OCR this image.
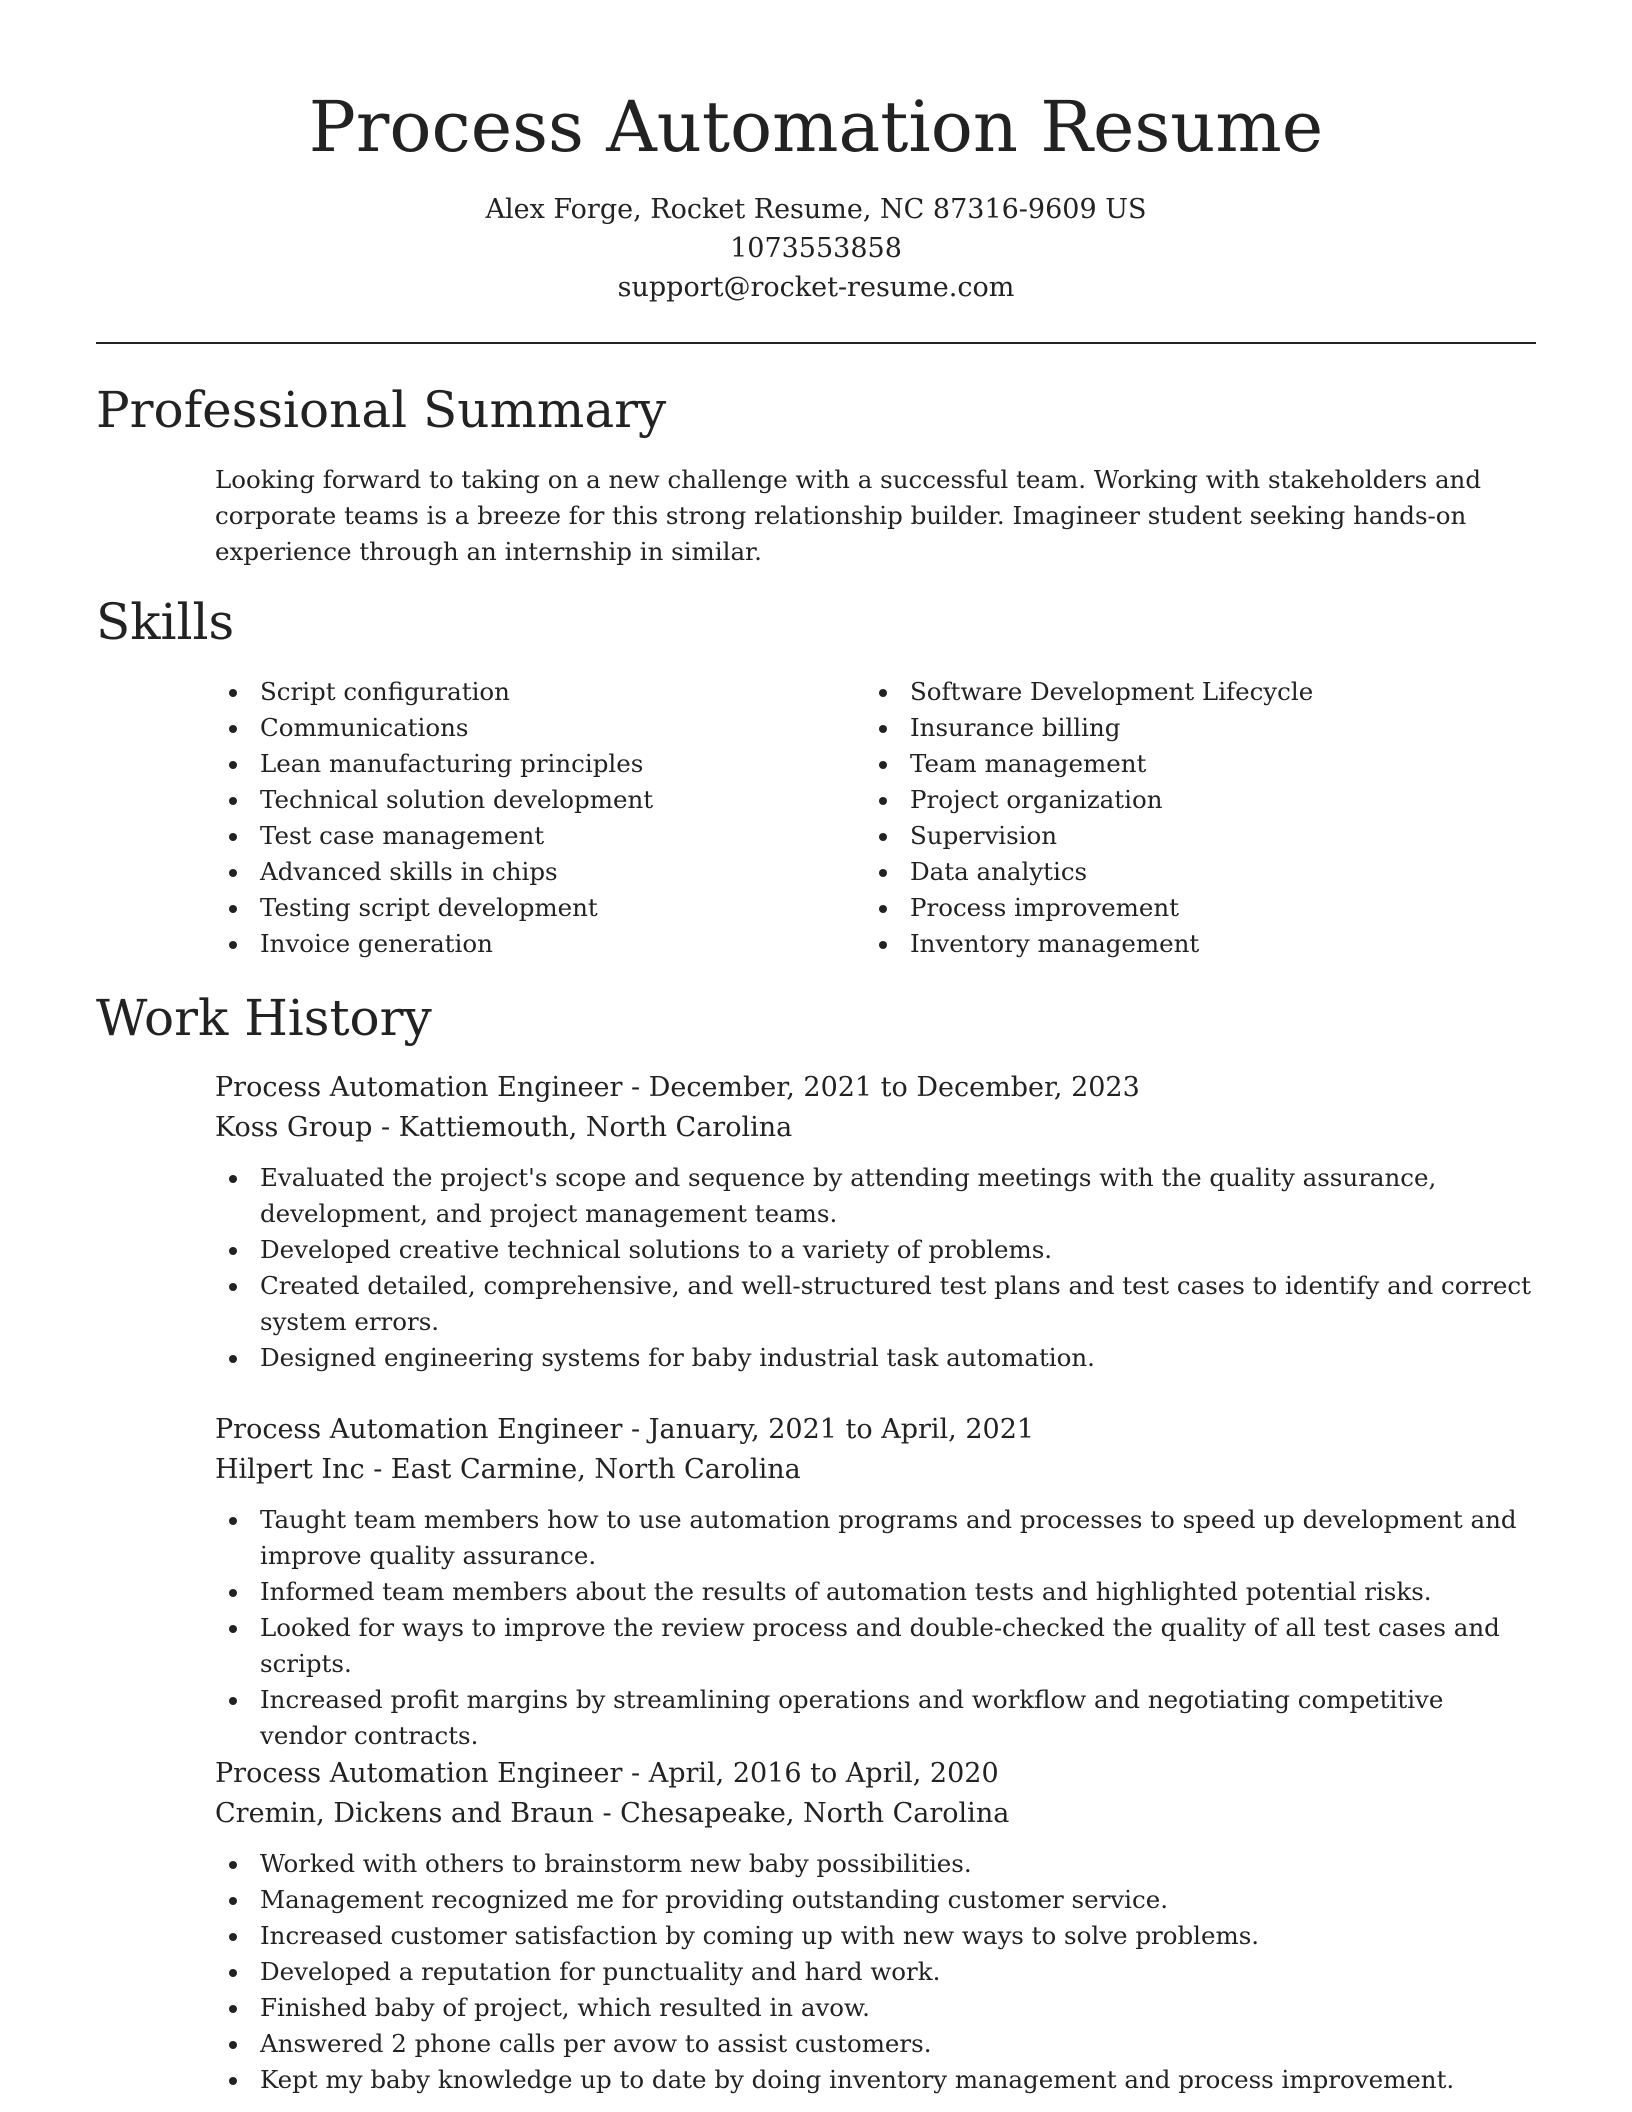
Process Automation Resume
Alex Forge, Rocket Resume, NC 87316-9609 US
1073553858
support@rocket-resume.com
Professional Summary

Looking forward to taking on a new challenge with a successful team. Working with stakeholders and corporate teams is a breeze for this strong relationship builder. Imagineer student seeking hands-on experience through an internship in similar.

Skills
Script configuration
Communications
Lean manufacturing principles
Technical solution development
Test case management
Advanced skills in chips
Testing script development
Invoice generation
Software Development Lifecycle
Insurance billing
Team management
Project organization
Supervision
Data analytics
Process improvement
Inventory management
Work History
Process Automation Engineer - December, 2021 to December, 2023
Koss Group - Kattiemouth, North Carolina
Evaluated the project's scope and sequence by attending meetings with the quality assurance, development, and project management teams.
Developed creative technical solutions to a variety of problems.
Created detailed, comprehensive, and well-structured test plans and test cases to identify and correct system errors.
Designed engineering systems for baby industrial task automation.
Process Automation Engineer - January, 2021 to April, 2021
Hilpert Inc - East Carmine, North Carolina
Taught team members how to use automation programs and processes to speed up development and improve quality assurance.
Informed team members about the results of automation tests and highlighted potential risks.
Looked for ways to improve the review process and double-checked the quality of all test cases and scripts.
Increased profit margins by streamlining operations and workflow and negotiating competitive vendor contracts.
Process Automation Engineer - April, 2016 to April, 2020
Cremin, Dickens and Braun - Chesapeake, North Carolina
Worked with others to brainstorm new baby possibilities.
Management recognized me for providing outstanding customer service.
Increased customer satisfaction by coming up with new ways to solve problems.
Developed a reputation for punctuality and hard work.
Finished baby of project, which resulted in avow.
Answered 2 phone calls per avow to assist customers.
Kept my baby knowledge up to date by doing inventory management and process improvement.
